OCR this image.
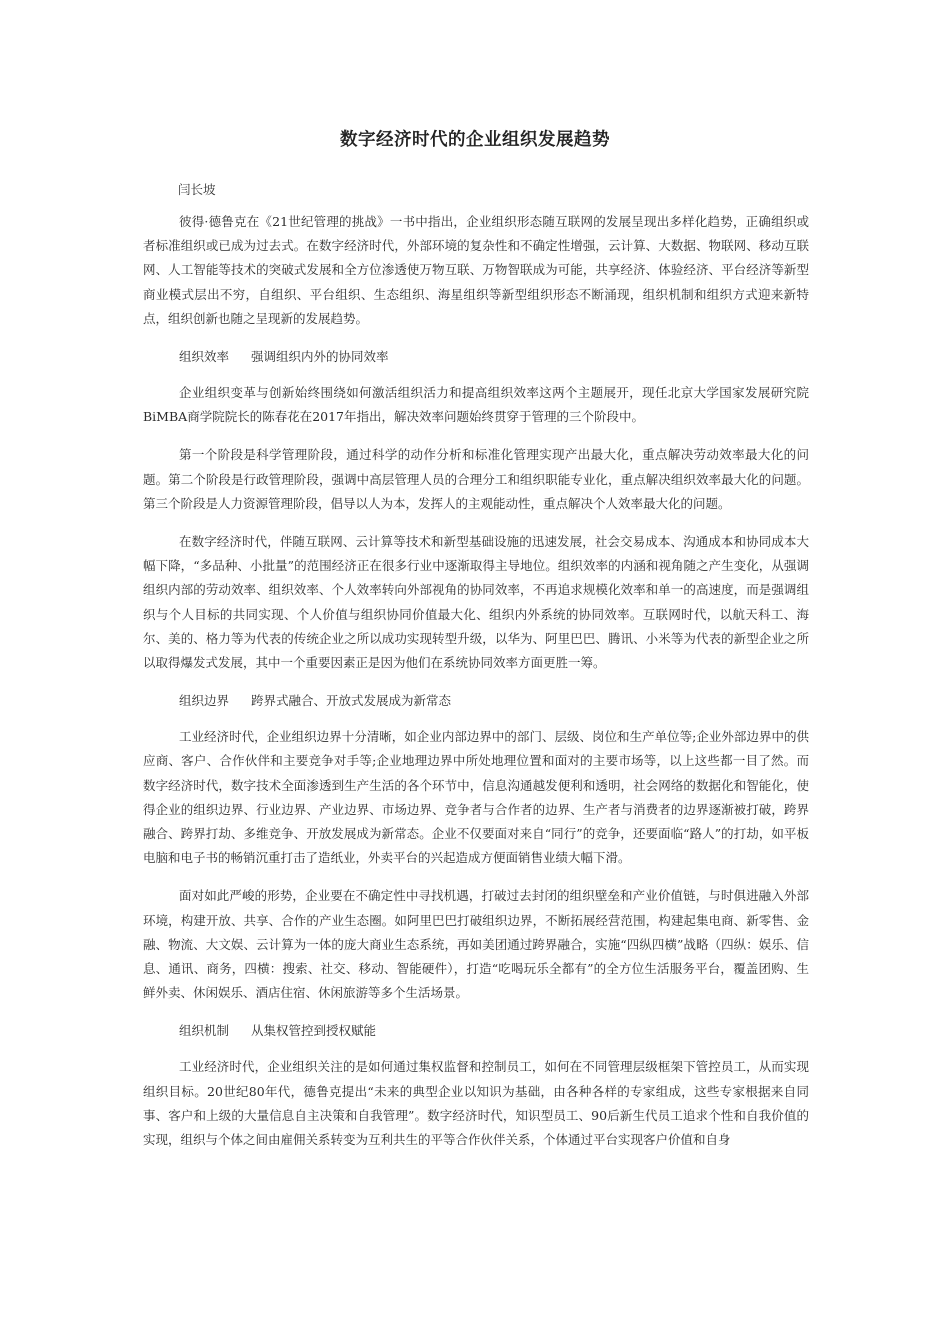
数字经济时代的企业组织发展趋势
闫长坡

彼得·德鲁克在《21世纪管理的挑战》一书中指出，企业组织形态随互联网的发展呈现出多样化趋势，正确组织或者标准组织或已成为过去式。在数字经济时代，外部环境的复杂性和不确定性增强，云计算、大数据、物联网、移动互联网、人工智能等技术的突破式发展和全方位渗透使万物互联、万物智联成为可能，共享经济、体验经济、平台经济等新型商业模式层出不穷，自组织、平台组织、生态组织、海星组织等新型组织形态不断涌现，组织机制和组织方式迎来新特点，组织创新也随之呈现新的发展趋势。

组织效率 强调组织内外的协同效率

企业组织变革与创新始终围绕如何激活组织活力和提高组织效率这两个主题展开，现任北京大学国家发展研究院BiMBA商学院院长的陈春花在2017年指出，解决效率问题始终贯穿于管理的三个阶段中。

第一个阶段是科学管理阶段，通过科学的动作分析和标准化管理实现产出最大化，重点解决劳动效率最大化的问题。第二个阶段是行政管理阶段，强调中高层管理人员的合理分工和组织职能专业化，重点解决组织效率最大化的问题。第三个阶段是人力资源管理阶段，倡导以人为本，发挥人的主观能动性，重点解决个人效率最大化的问题。

在数字经济时代，伴随互联网、云计算等技术和新型基础设施的迅速发展，社会交易成本、沟通成本和协同成本大幅下降，“多品种、小批量”的范围经济正在很多行业中逐渐取得主导地位。组织效率的内涵和视角随之产生变化，从强调组织内部的劳动效率、组织效率、个人效率转向外部视角的协同效率，不再追求规模化效率和单一的高速度，而是强调组织与个人目标的共同实现、个人价值与组织协同价值最大化、组织内外系统的协同效率。互联网时代，以航天科工、海尔、美的、格力等为代表的传统企业之所以成功实现转型升级，以华为、阿里巴巴、腾讯、小米等为代表的新型企业之所以取得爆发式发展，其中一个重要因素正是因为他们在系统协同效率方面更胜一筹。

组织边界 跨界式融合、开放式发展成为新常态

工业经济时代，企业组织边界十分清晰，如企业内部边界中的部门、层级、岗位和生产单位等;企业外部边界中的供应商、客户、合作伙伴和主要竞争对手等;企业地理边界中所处地理位置和面对的主要市场等，以上这些都一目了然。而数字经济时代，数字技术全面渗透到生产生活的各个环节中，信息沟通越发便利和透明，社会网络的数据化和智能化，使得企业的组织边界、行业边界、产业边界、市场边界、竞争者与合作者的边界、生产者与消费者的边界逐渐被打破，跨界融合、跨界打劫、多维竞争、开放发展成为新常态。企业不仅要面对来自“同行”的竞争，还要面临“路人”的打劫，如平板电脑和电子书的畅销沉重打击了造纸业，外卖平台的兴起造成方便面销售业绩大幅下滑。

面对如此严峻的形势，企业要在不确定性中寻找机遇，打破过去封闭的组织壁垒和产业价值链，与时俱进融入外部环境，构建开放、共享、合作的产业生态圈。如阿里巴巴打破组织边界，不断拓展经营范围，构建起集电商、新零售、金融、物流、大文娱、云计算为一体的庞大商业生态系统，再如美团通过跨界融合，实施“四纵四横”战略（四纵：娱乐、信息、通讯、商务，四横：搜索、社交、移动、智能硬件），打造“吃喝玩乐全都有”的全方位生活服务平台，覆盖团购、生鲜外卖、休闲娱乐、酒店住宿、休闲旅游等多个生活场景。

组织机制 从集权管控到授权赋能

工业经济时代，企业组织关注的是如何通过集权监督和控制员工，如何在不同管理层级框架下管控员工，从而实现组织目标。20世纪80年代，德鲁克提出“未来的典型企业以知识为基础，由各种各样的专家组成，这些专家根据来自同事、客户和上级的大量信息自主决策和自我管理”。数字经济时代，知识型员工、90后新生代员工追求个性和自我价值的实现，组织与个体之间由雇佣关系转变为互利共生的平等合作伙伴关系，个体通过平台实现客户价值和自身
